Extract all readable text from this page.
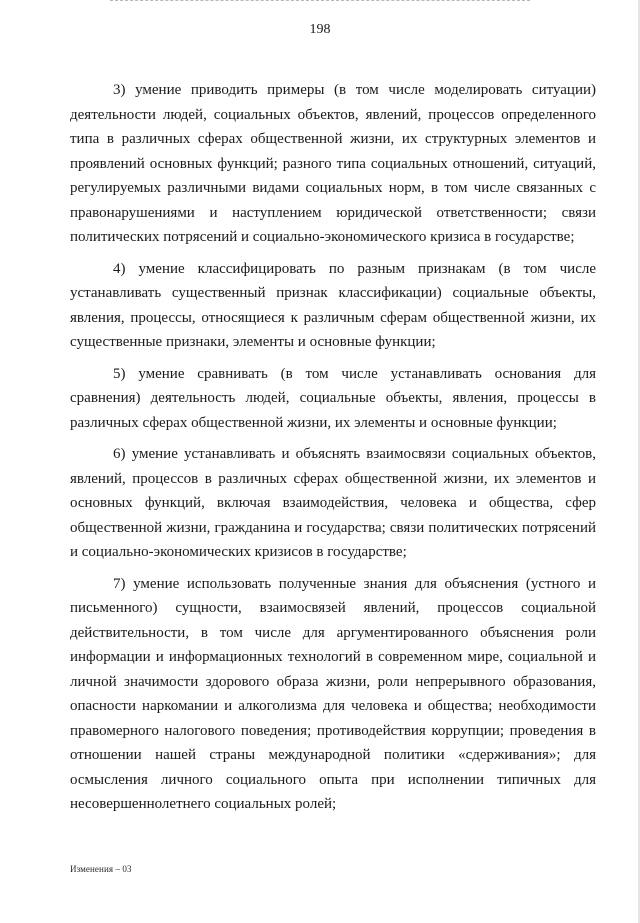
198

3) умение приводить примеры (в том числе моделировать ситуации) деятельности людей, социальных объектов, явлений, процессов определенного типа в различных сферах общественной жизни, их структурных элементов и проявлений основных функций; разного типа социальных отношений, ситуаций, регулируемых различными видами социальных норм, в том числе связанных с правонарушениями и наступлением юридической ответственности; связи политических потрясений и социально-экономического кризиса в государстве;

4) умение классифицировать по разным признакам (в том числе устанавливать существенный признак классификации) социальные объекты, явления, процессы, относящиеся к различным сферам общественной жизни, их существенные признаки, элементы и основные функции;

5) умение сравнивать (в том числе устанавливать основания для сравнения) деятельность людей, социальные объекты, явления, процессы в различных сферах общественной жизни, их элементы и основные функции;

6) умение устанавливать и объяснять взаимосвязи социальных объектов, явлений, процессов в различных сферах общественной жизни, их элементов и основных функций, включая взаимодействия, человека и общества, сфер общественной жизни, гражданина и государства; связи политических потрясений и социально-экономических кризисов в государстве;

7) умение использовать полученные знания для объяснения (устного и письменного) сущности, взаимосвязей явлений, процессов социальной действительности, в том числе для аргументированного объяснения роли информации и информационных технологий в современном мире, социальной и личной значимости здорового образа жизни, роли непрерывного образования, опасности наркомании и алкоголизма для человека и общества; необходимости правомерного налогового поведения; противодействия коррупции; проведения в отношении нашей страны международной политики «сдерживания»; для осмысления личного социального опыта при исполнении типичных для несовершеннолетнего социальных ролей;

Изменения – 03
